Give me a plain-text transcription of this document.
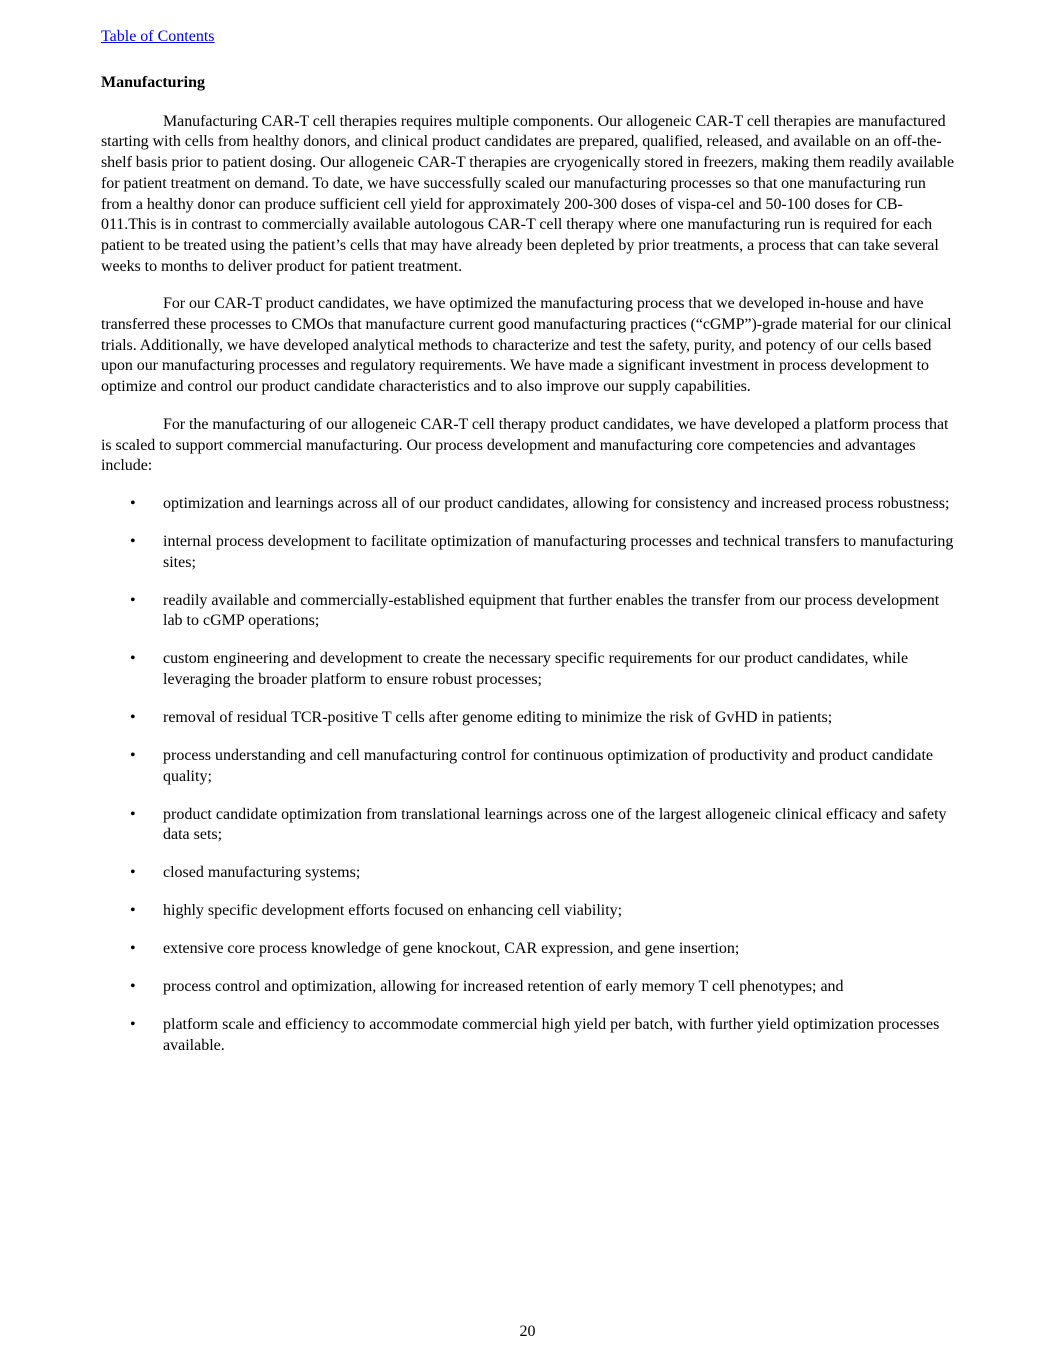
Table of Contents
Manufacturing

Manufacturing CAR-T cell therapies requires multiple components. Our allogeneic CAR-T cell therapies are manufactured starting with cells from healthy donors, and clinical product candidates are prepared, qualified, released, and available on an off-the-shelf basis prior to patient dosing. Our allogeneic CAR-T therapies are cryogenically stored in freezers, making them readily available for patient treatment on demand. To date, we have successfully scaled our manufacturing processes so that one manufacturing run from a healthy donor can produce sufficient cell yield for approximately 200-300 doses of vispa-cel and 50-100 doses for CB-011.This is in contrast to commercially available autologous CAR-T cell therapy where one manufacturing run is required for each patient to be treated using the patient’s cells that may have already been depleted by prior treatments, a process that can take several weeks to months to deliver product for patient treatment.

For our CAR-T product candidates, we have optimized the manufacturing process that we developed in-house and have transferred these processes to CMOs that manufacture current good manufacturing practices (“cGMP”)-grade material for our clinical trials. Additionally, we have developed analytical methods to characterize and test the safety, purity, and potency of our cells based upon our manufacturing processes and regulatory requirements. We have made a significant investment in process development to optimize and control our product candidate characteristics and to also improve our supply capabilities.

For the manufacturing of our allogeneic CAR-T cell therapy product candidates, we have developed a platform process that is scaled to support commercial manufacturing. Our process development and manufacturing core competencies and advantages include:

• optimization and learnings across all of our product candidates, allowing for consistency and increased process robustness;
• internal process development to facilitate optimization of manufacturing processes and technical transfers to manufacturing sites;
• readily available and commercially-established equipment that further enables the transfer from our process development lab to cGMP operations;
• custom engineering and development to create the necessary specific requirements for our product candidates, while leveraging the broader platform to ensure robust processes;
• removal of residual TCR-positive T cells after genome editing to minimize the risk of GvHD in patients;
• process understanding and cell manufacturing control for continuous optimization of productivity and product candidate quality;
• product candidate optimization from translational learnings across one of the largest allogeneic clinical efficacy and safety data sets;
• closed manufacturing systems;
• highly specific development efforts focused on enhancing cell viability;
• extensive core process knowledge of gene knockout, CAR expression, and gene insertion;
• process control and optimization, allowing for increased retention of early memory T cell phenotypes; and
• platform scale and efficiency to accommodate commercial high yield per batch, with further yield optimization processes available.
20
